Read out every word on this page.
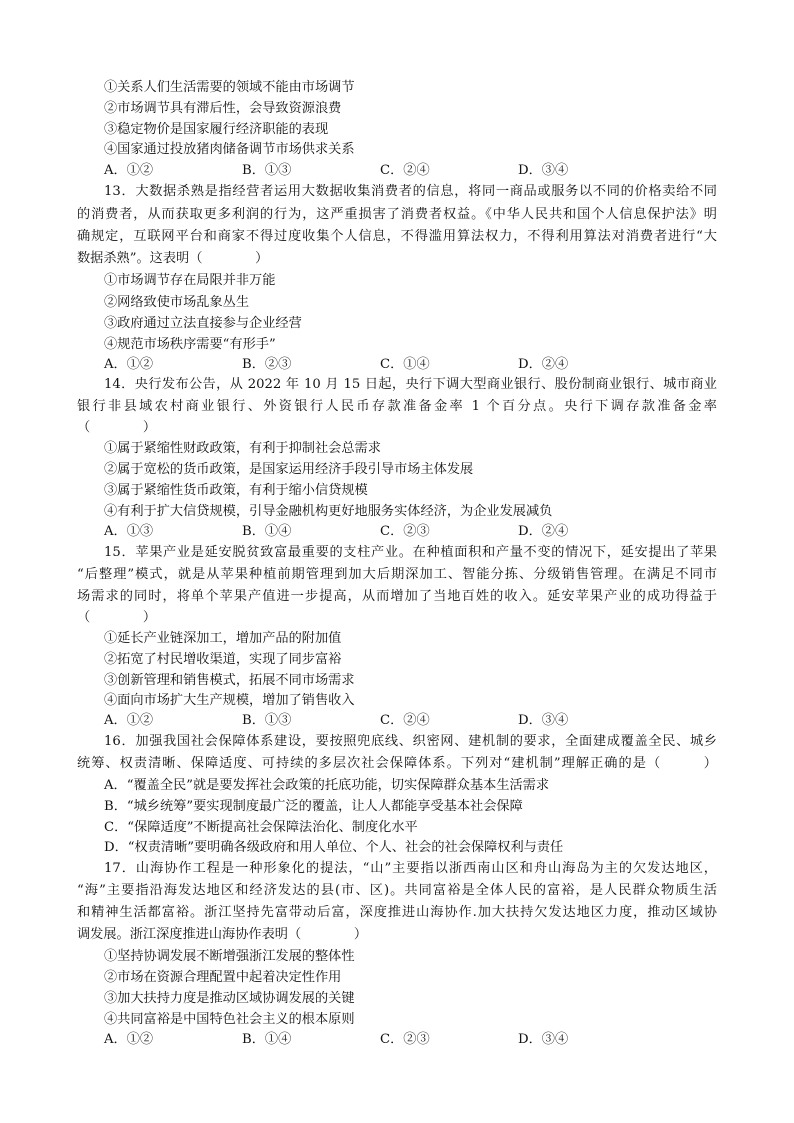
①关系人们生活需要的领域不能由市场调节
②市场调节具有滞后性，会导致资源浪费
③稳定物价是国家履行经济职能的表现
④国家通过投放猪肉储备调节市场供求关系
A．①②	B．①③	C．②④	D．③④
13．大数据杀熟是指经营者运用大数据收集消费者的信息，将同一商品或服务以不同的价格卖给不同
的消费者，从而获取更多利润的行为，这严重损害了消费者权益。《中华人民共和国个人信息保护法》明
确规定，互联网平台和商家不得过度收集个人信息，不得滥用算法权力，不得利用算法对消费者进行“大
数据杀熟”。这表明（　　　　）
①市场调节存在局限并非万能
②网络致使市场乱象丛生
③政府通过立法直接参与企业经营
④规范市场秩序需要“有形手”
A．①②	B．②③	C．①④	D．②④
14．央行发布公告，从 2022 年 10 月 15 日起，央行下调大型商业银行、股份制商业银行、城市商业
银行非县域农村商业银行、外资银行人民币存款准备金率 1 个百分点。央行下调存款准备金率
（　　　　）
①属于紧缩性财政政策，有利于抑制社会总需求
②属于宽松的货币政策，是国家运用经济手段引导市场主体发展
③属于紧缩性货币政策，有利于缩小信贷规模
④有利于扩大信贷规模，引导金融机构更好地服务实体经济，为企业发展减负
A．①③	B．①④	C．②③	D．②④
15．苹果产业是延安脱贫致富最重要的支柱产业。在种植面积和产量不变的情况下，延安提出了苹果
“后整理”模式，就是从苹果种植前期管理到加大后期深加工、智能分拣、分级销售管理。在满足不同市
场需求的同时，将单个苹果产值进一步提高，从而增加了当地百姓的收入。延安苹果产业的成功得益于
（　　　　）
①延长产业链深加工，增加产品的附加值
②拓宽了村民增收渠道，实现了同步富裕
③创新管理和销售模式，拓展不同市场需求
④面向市场扩大生产规模，增加了销售收入
A．①②	B．①③	C．②④	D．③④
16．加强我国社会保障体系建设，要按照兜底线、织密网、建机制的要求，全面建成覆盖全民、城乡
统筹、权责清晰、保障适度、可持续的多层次社会保障体系。下列对“建机制”理解正确的是（　　　）
A．“覆盖全民”就是要发挥社会政策的托底功能，切实保障群众基本生活需求
B．“城乡统筹”要实现制度最广泛的覆盖，让人人都能享受基本社会保障
C．“保障适度”不断提高社会保障法治化、制度化水平
D．“权责清晰”要明确各级政府和用人单位、个人、社会的社会保障权利与责任
17．山海协作工程是一种形象化的提法，“山”主要指以浙西南山区和舟山海岛为主的欠发达地区，
“海”主要指沿海发达地区和经济发达的县(市、区)。共同富裕是全体人民的富裕，是人民群众物质生活
和精神生活都富裕。浙江坚持先富带动后富，深度推进山海协作.加大扶持欠发达地区力度，推动区域协
调发展。浙江深度推进山海协作表明（　　　　）
①坚持协调发展不断增强浙江发展的整体性
②市场在资源合理配置中起着决定性作用
③加大扶持力度是推动区域协调发展的关键
④共同富裕是中国特色社会主义的根本原则
A．①②	B．①④	C．②③	D．③④
